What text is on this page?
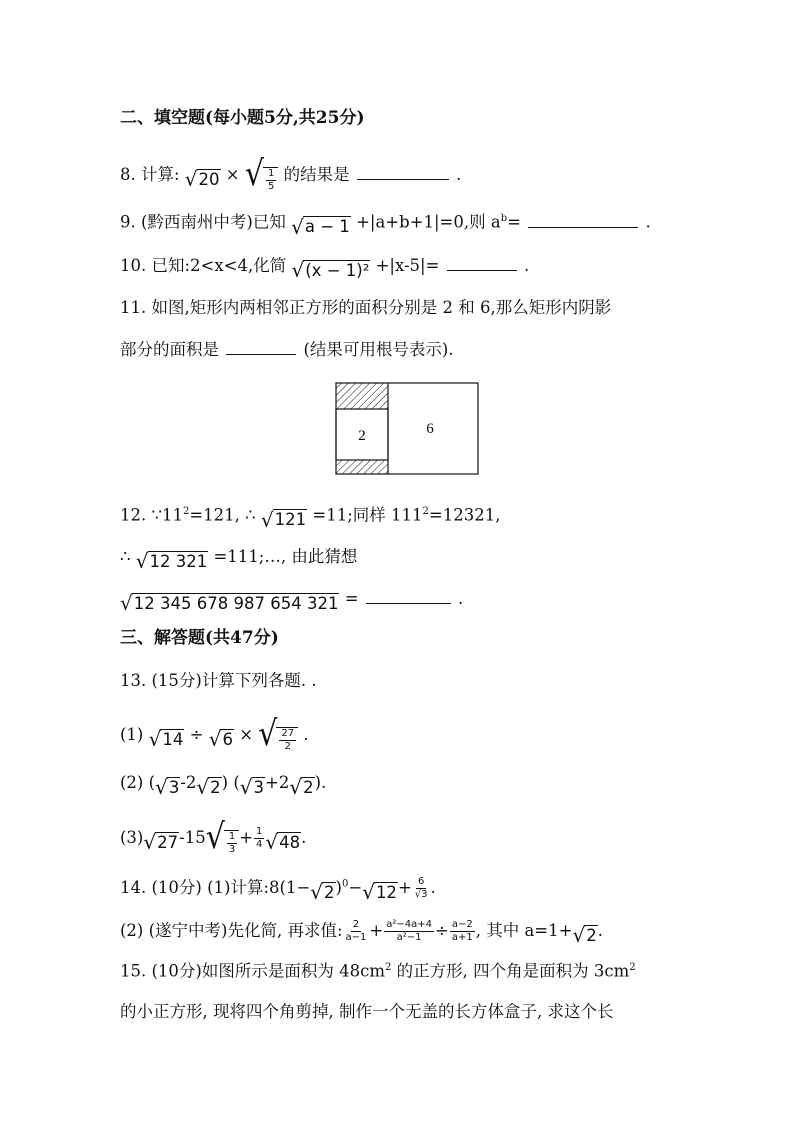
二、填空题(每小题5分,共25分)
8. 计算: √ 20 × √ $\frac{1}{5}$ 的结果是	.
9. (黔西南州中考)已知 √ a − 1 +|a+b+1|=0,则 $a^b=$	.
10. 已知:2<x<4,化简 √ (x − 1)² +|x-5|=	.
11. 如图,矩形内两相邻正方形的面积分别是 2 和 6,那么矩形内阴影
部分的面积是	(结果可用根号表示).
2	6
12. $\because 11^2=121$, ∴ √ 121 =11;同样 $111^2=12321$,
∴ √ 12 321 =111;…, 由此猜想
√ 12 345 678 987 654 321 =	.
三、解答题(共47分)
13. (15分)计算下列各题. .
(1) √ 14 ÷ √ 6 × √ $\frac{27}{2}$ .
(2) ( √ 3 -2 √ 2 ) ( √ 3 +2 √ 2 ).
(3) √ 27 -15 √ $\frac{1}{3} + \frac{1}{4}$ √ 48 .
14. (10分) (1)计算:8(1− √ 2 )$^0$− √ $12 + \frac{6}{√3}$ .
(2) (遂宁中考)先化简, 再求值: $\frac{2}{a-1} + \frac{\text{a²−4a+4}}{\text{a²−1}} \div \frac{a-2}{a+1}$ , 其中 a=1+ √ 2 .
15. (10分)如图所示是面积为 $48cm^2$ 的正方形, 四个角是面积为 $3cm^2$
的小正方形, 现将四个角剪掉, 制作一个无盖的长方体盒子, 求这个长
